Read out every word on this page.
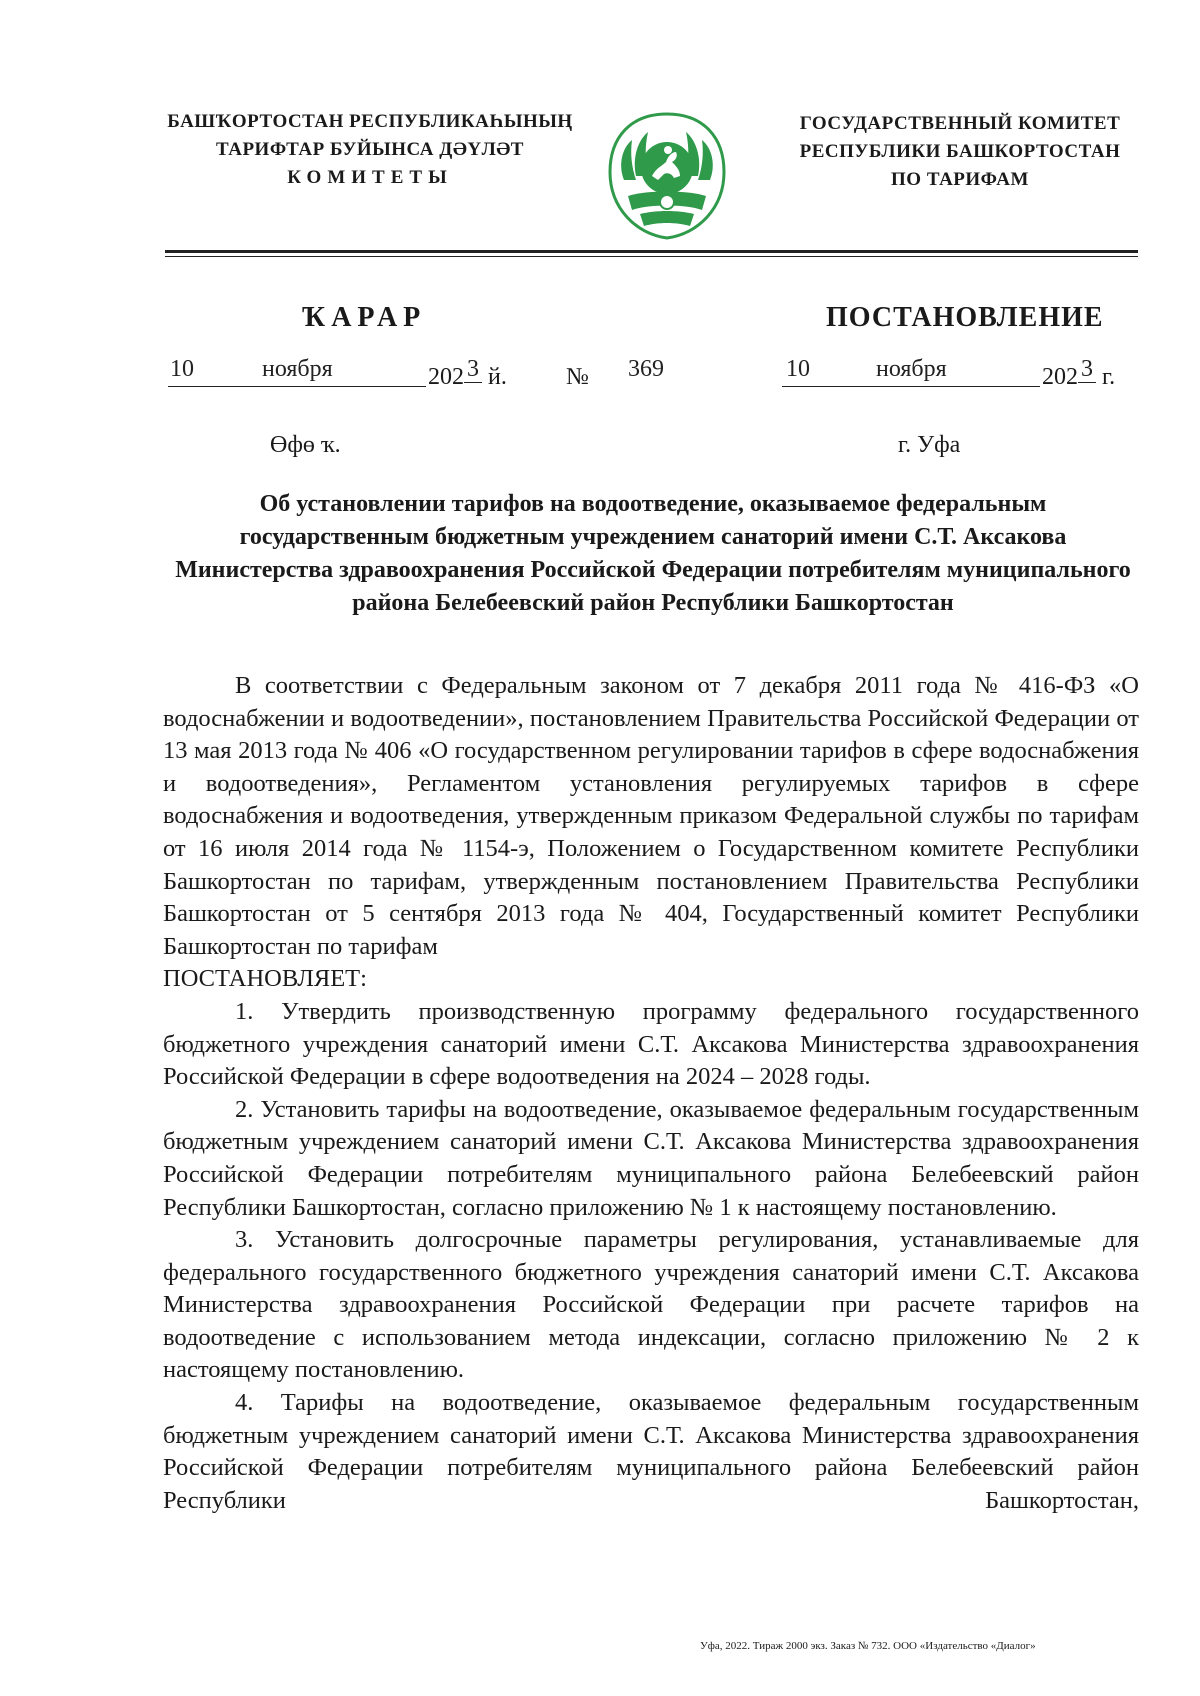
БАШҠОРТОСТАН РЕСПУБЛИКАҺЫНЫҢ
ТАРИФТАР БУЙЫНСА ДӘҮЛӘТ
КОМИТЕТЫ
ГОСУДАРСТВЕННЫЙ КОМИТЕТ
РЕСПУБЛИКИ БАШКОРТОСТАН
ПО ТАРИФАМ
ҠАРАР	ПОСТАНОВЛЕНИЕ
10	ноября	202 3 й. № 369	10	ноября	202 3 г.
Өфө ҡ.	г. Уфа
Об установлении тарифов на водоотведение, оказываемое федеральным государственным бюджетным учреждением санаторий имени С.Т. Аксакова Министерства здравоохранения Российской Федерации потребителям муниципального района Белебеевский район Республики Башкортостан

В соответствии с Федеральным законом от 7 декабря 2011 года № 416-ФЗ «О водоснабжении и водоотведении», постановлением Правительства Российской Федерации от 13 мая 2013 года № 406 «О государственном регулировании тарифов в сфере водоснабжения и водоотведения», Регламентом установления регулируемых тарифов в сфере водоснабжения и водоотведения, утвержденным приказом Федеральной службы по тарифам от 16 июля 2014 года № 1154-э, Положением о Государственном комитете Республики Башкортостан по тарифам, утвержденным постановлением Правительства Республики Башкортостан от 5 сентября 2013 года № 404, Государственный комитет Республики Башкортостан по тарифам

ПОСТАНОВЛЯЕТ:

1. Утвердить производственную программу федерального государственного бюджетного учреждения санаторий имени С.Т. Аксакова Министерства здравоохранения Российской Федерации в сфере водоотведения на 2024 – 2028 годы.

2. Установить тарифы на водоотведение, оказываемое федеральным государственным бюджетным учреждением санаторий имени С.Т. Аксакова Министерства здравоохранения Российской Федерации потребителям муниципального района Белебеевский район Республики Башкортостан, согласно приложению № 1 к настоящему постановлению.

3. Установить долгосрочные параметры регулирования, устанавливаемые для федерального государственного бюджетного учреждения санаторий имени С.Т. Аксакова Министерства здравоохранения Российской Федерации при расчете тарифов на водоотведение с использованием метода индексации, согласно приложению № 2 к настоящему постановлению.

4. Тарифы на водоотведение, оказываемое федеральным государственным бюджетным учреждением санаторий имени С.Т. Аксакова Министерства здравоохранения Российской Федерации потребителям муниципального района Белебеевский район Республики Башкортостан,

Уфа, 2022. Тираж 2000 экз. Заказ № 732. ООО «Издательство «Диалог»
